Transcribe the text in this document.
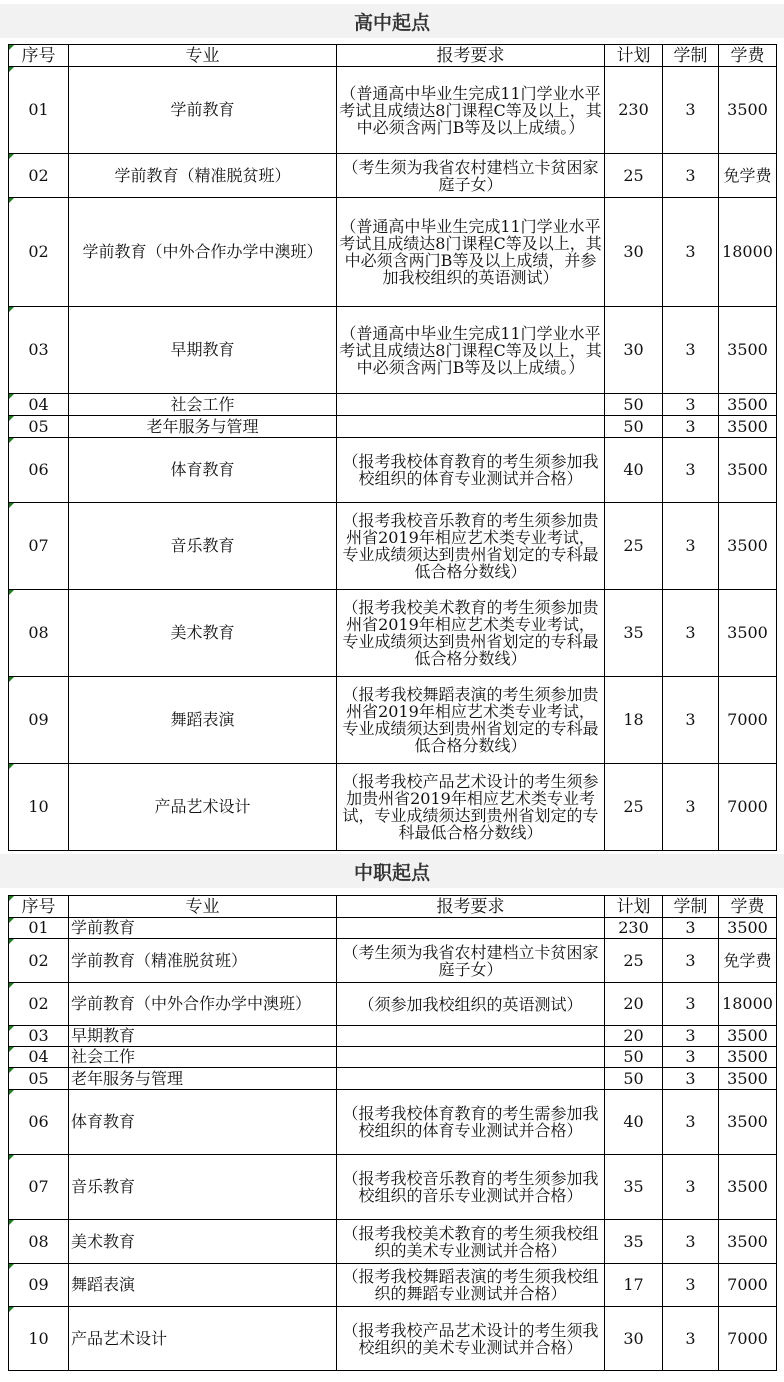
高中起点
序号	专业	报考要求	计划	学制	学费

01	学前教育	（普通高中毕业生完成11门学业水平考试且成绩达8门课程C等及以上，其中必须含两门B等及以上成绩。）	230	3	3500

02	学前教育（精准脱贫班）	（考生须为我省农村建档立卡贫困家庭子女）	25	3	免学费

02	学前教育（中外合作办学中澳班）	（普通高中毕业生完成11门学业水平考试且成绩达8门课程C等及以上，其中必须含两门B等及以上成绩，并参加我校组织的英语测试）	30	3	18000

03	早期教育	（普通高中毕业生完成11门学业水平考试且成绩达8门课程C等及以上，其中必须含两门B等及以上成绩。）	30	3	3500

04	社会工作		50	3	3500

05	老年服务与管理		50	3	3500

06	体育教育	（报考我校体育教育的考生须参加我校组织的体育专业测试并合格）	40	3	3500

07	音乐教育	（报考我校音乐教育的考生须参加贵州省2019年相应艺术类专业考试，专业成绩须达到贵州省划定的专科最低合格分数线）	25	3	3500

08	美术教育	（报考我校美术教育的考生须参加贵州省2019年相应艺术类专业考试，专业成绩须达到贵州省划定的专科最低合格分数线）	35	3	3500

09	舞蹈表演	（报考我校舞蹈表演的考生须参加贵州省2019年相应艺术类专业考试，专业成绩须达到贵州省划定的专科最低合格分数线）	18	3	7000

10	产品艺术设计	（报考我校产品艺术设计的考生须参加贵州省2019年相应艺术类专业考试，专业成绩须达到贵州省划定的专科最低合格分数线）	25	3	7000
中职起点
序号	专业	报考要求	计划	学制	学费

01	学前教育		230	3	3500

02	学前教育（精准脱贫班）	（考生须为我省农村建档立卡贫困家庭子女）	25	3	免学费

02	学前教育（中外合作办学中澳班）	（须参加我校组织的英语测试）	20	3	18000

03	早期教育		20	3	3500

04	社会工作		50	3	3500

05	老年服务与管理		50	3	3500

06	体育教育	（报考我校体育教育的考生需参加我校组织的体育专业测试并合格）	40	3	3500

07	音乐教育	（报考我校音乐教育的考生须参加我校组织的音乐专业测试并合格）	35	3	3500

08	美术教育	（报考我校美术教育的考生须我校组织的美术专业测试并合格）	35	3	3500

09	舞蹈表演	（报考我校舞蹈表演的考生须我校组织的舞蹈专业测试并合格）	17	3	7000

10	产品艺术设计	（报考我校产品艺术设计的考生须我校组织的美术专业测试并合格）	30	3	7000
